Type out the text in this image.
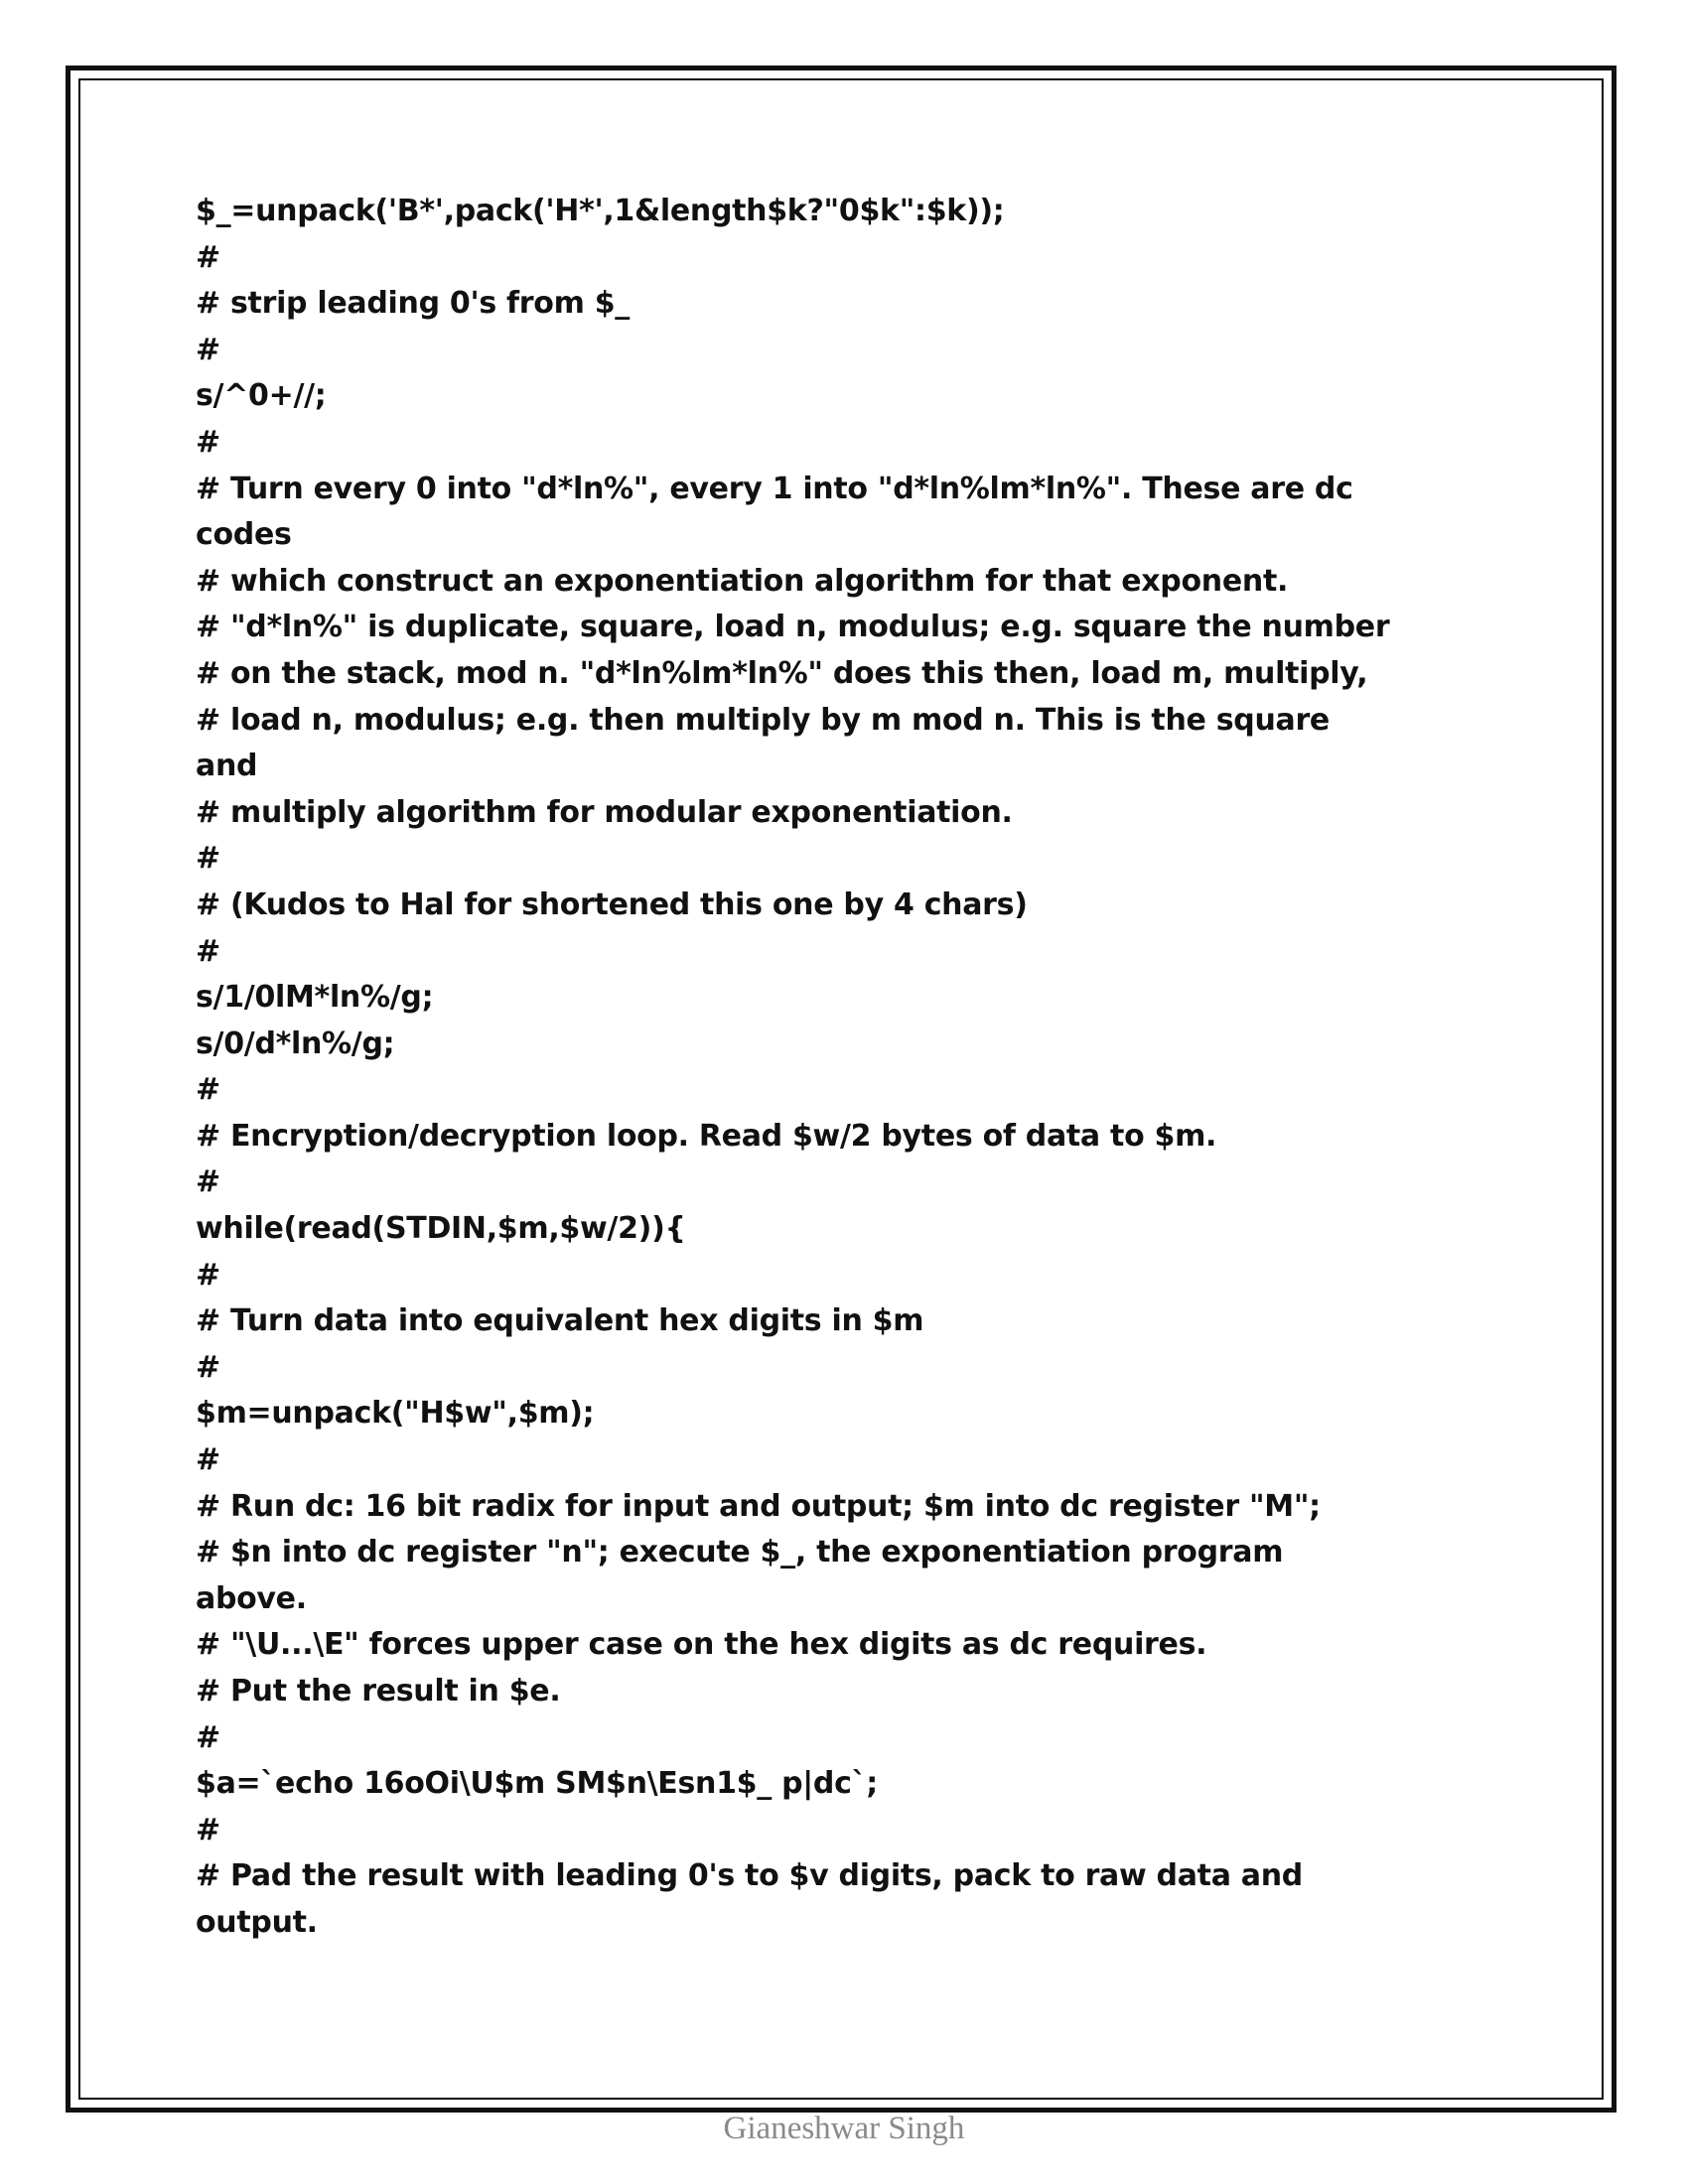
$_=unpack('B*',pack('H*',1&length$k?"0$k":$k));
#
# strip leading 0's from $_
#
s/^0+//;
#
# Turn every 0 into "d*ln%", every 1 into "d*ln%lm*ln%". These are dc
codes
# which construct an exponentiation algorithm for that exponent.
# "d*ln%" is duplicate, square, load n, modulus; e.g. square the number
# on the stack, mod n. "d*ln%lm*ln%" does this then, load m, multiply,
# load n, modulus; e.g. then multiply by m mod n. This is the square
and
# multiply algorithm for modular exponentiation.
#
# (Kudos to Hal for shortened this one by 4 chars)
#
s/1/0lM*ln%/g;
s/0/d*ln%/g;
#
# Encryption/decryption loop. Read $w/2 bytes of data to $m.
#
while(read(STDIN,$m,$w/2)){
#
# Turn data into equivalent hex digits in $m
#
$m=unpack("H$w",$m);
#
# Run dc: 16 bit radix for input and output; $m into dc register "M";
# $n into dc register "n"; execute $_, the exponentiation program
above.
# "\U...\E" forces upper case on the hex digits as dc requires.
# Put the result in $e.
#
$a=`echo 16oOi\U$m SM$n\Esn1$_ p|dc`;
#
# Pad the result with leading 0's to $v digits, pack to raw data and
output.
Gianeshwar Singh
